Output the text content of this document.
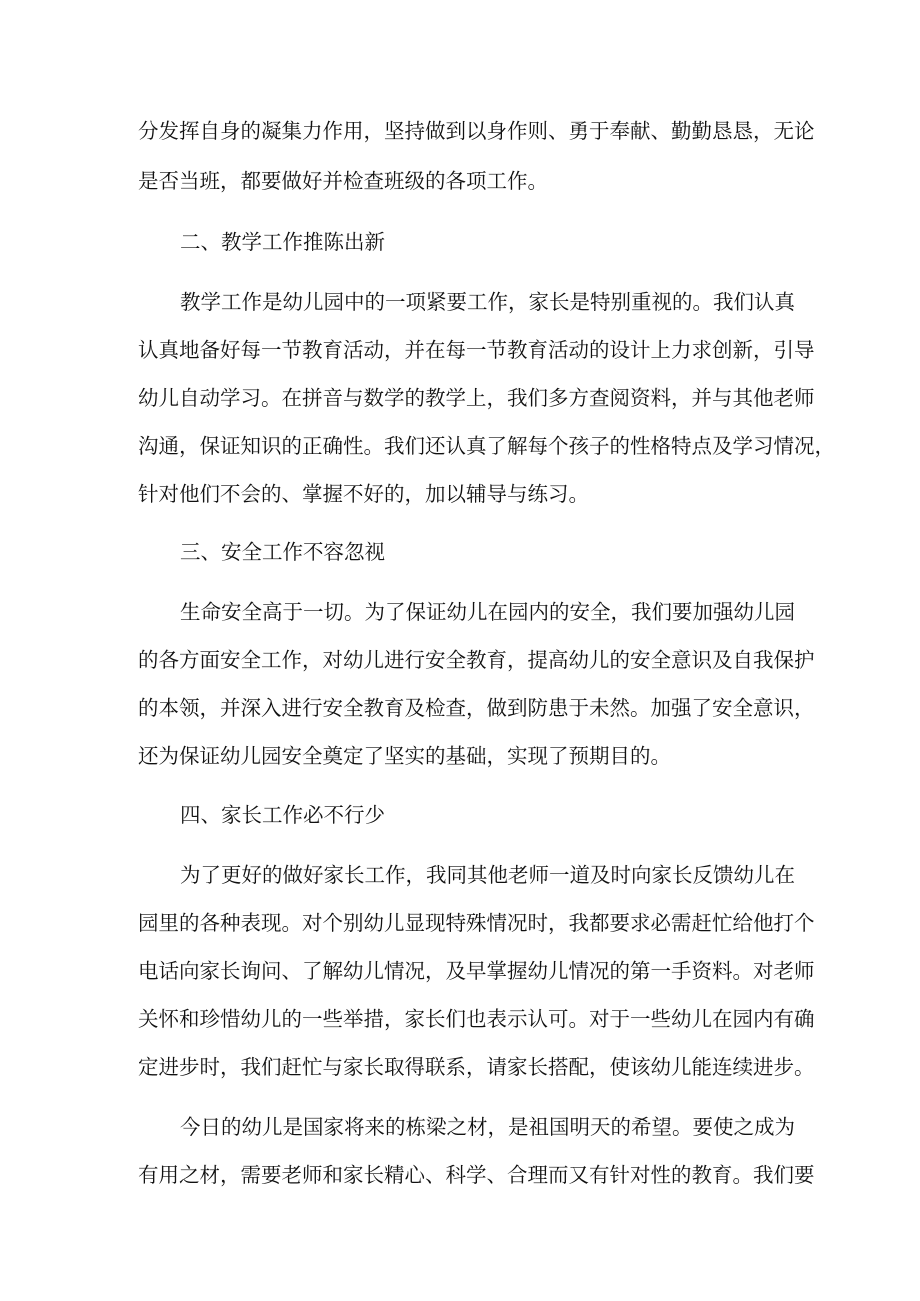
分发挥自身的凝集力作用，坚持做到以身作则、勇于奉献、勤勤恳恳，无论
是否当班，都要做好并检查班级的各项工作。
二、教学工作推陈出新
教学工作是幼儿园中的一项紧要工作，家长是特别重视的。我们认真
认真地备好每一节教育活动，并在每一节教育活动的设计上力求创新，引导
幼儿自动学习。在拼音与数学的教学上，我们多方查阅资料，并与其他老师
沟通，保证知识的正确性。我们还认真了解每个孩子的性格特点及学习情况，
针对他们不会的、掌握不好的，加以辅导与练习。
三、安全工作不容忽视
生命安全高于一切。为了保证幼儿在园内的安全，我们要加强幼儿园
的各方面安全工作，对幼儿进行安全教育，提高幼儿的安全意识及自我保护
的本领，并深入进行安全教育及检查，做到防患于未然。加强了安全意识，
还为保证幼儿园安全奠定了坚实的基础，实现了预期目的。
四、家长工作必不行少
为了更好的做好家长工作，我同其他老师一道及时向家长反馈幼儿在
园里的各种表现。对个别幼儿显现特殊情况时，我都要求必需赶忙给他打个
电话向家长询问、了解幼儿情况，及早掌握幼儿情况的第一手资料。对老师
关怀和珍惜幼儿的一些举措，家长们也表示认可。对于一些幼儿在园内有确
定进步时，我们赶忙与家长取得联系，请家长搭配，使该幼儿能连续进步。
今日的幼儿是国家将来的栋梁之材，是祖国明天的希望。要使之成为
有用之材，需要老师和家长精心、科学、合理而又有针对性的教育。我们要
